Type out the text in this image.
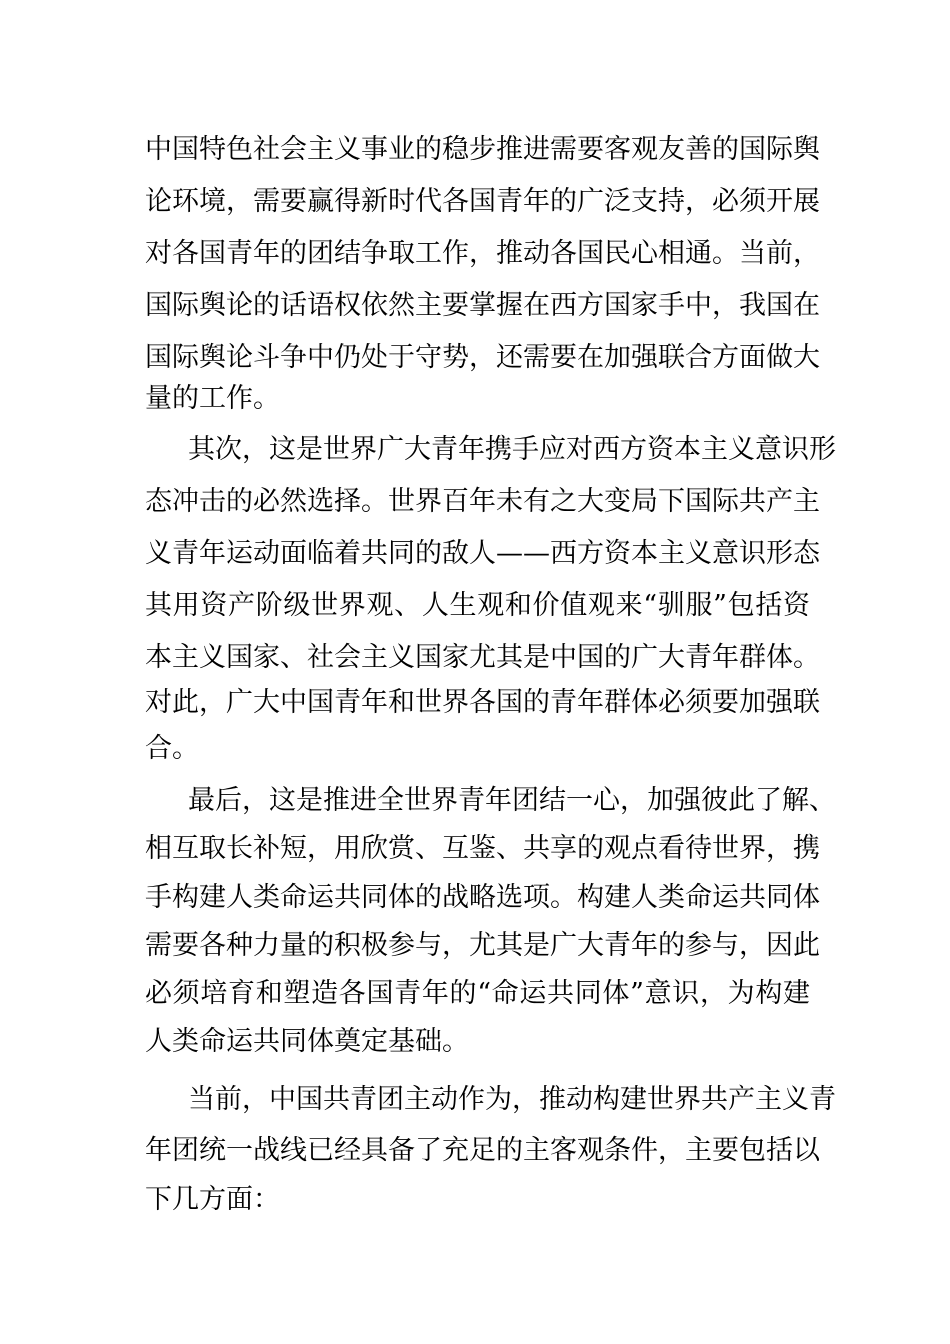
中国特色社会主义事业的稳步推进需要客观友善的国际舆
论环境，需要赢得新时代各国青年的广泛支持，必须开展
对各国青年的团结争取工作，推动各国民心相通。当前，
国际舆论的话语权依然主要掌握在西方国家手中，我国在
国际舆论斗争中仍处于守势，还需要在加强联合方面做大
量的工作。
其次，这是世界广大青年携手应对西方资本主义意识形
态冲击的必然选择。世界百年未有之大变局下国际共产主
义青年运动面临着共同的敌人——西方资本主义意识形态
其用资产阶级世界观、人生观和价值观来“驯服”包括资
本主义国家、社会主义国家尤其是中国的广大青年群体。
对此，广大中国青年和世界各国的青年群体必须要加强联
合。
最后，这是推进全世界青年团结一心，加强彼此了解、
相互取长补短，用欣赏、互鉴、共享的观点看待世界，携
手构建人类命运共同体的战略选项。构建人类命运共同体
需要各种力量的积极参与，尤其是广大青年的参与，因此
必须培育和塑造各国青年的“命运共同体”意识，为构建
人类命运共同体奠定基础。
当前，中国共青团主动作为，推动构建世界共产主义青
年团统一战线已经具备了充足的主客观条件，主要包括以
下几方面：
